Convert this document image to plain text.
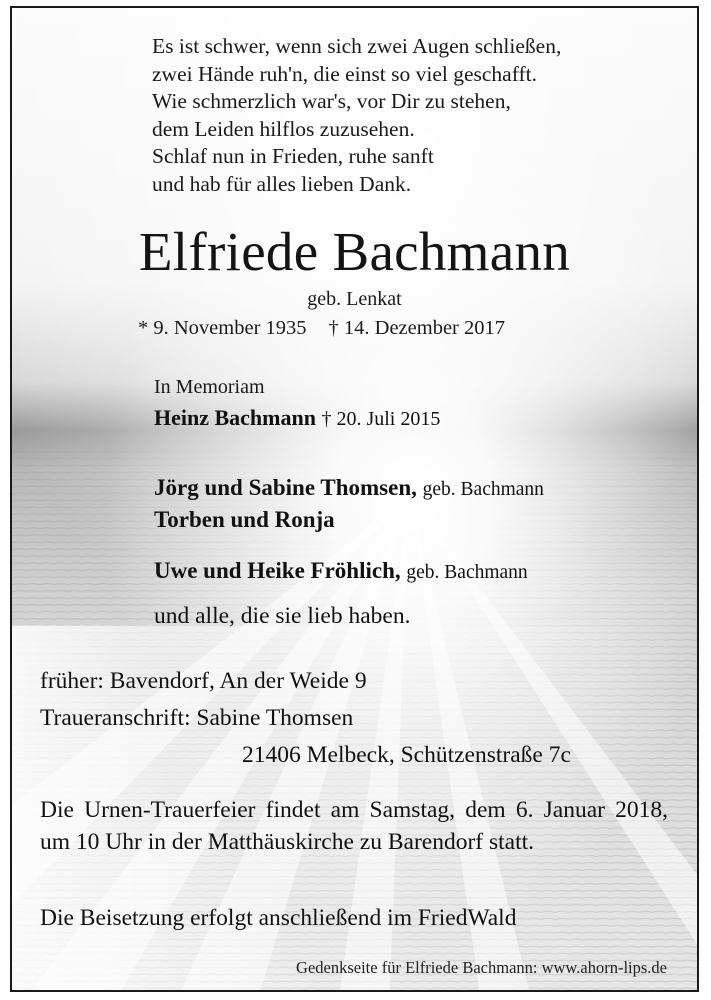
Es ist schwer, wenn sich zwei Augen schließen,
zwei Hände ruh'n, die einst so viel geschafft.
Wie schmerzlich war's, vor Dir zu stehen,
dem Leiden hilflos zuzusehen.
Schlaf nun in Frieden, ruhe sanft
und hab für alles lieben Dank.
Elfriede Bachmann
geb. Lenkat
* 9. November 1935 † 14. Dezember 2017
In Memoriam
Heinz Bachmann † 20. Juli 2015
Jörg und Sabine Thomsen, geb. Bachmann
Torben und Ronja
Uwe und Heike Fröhlich, geb. Bachmann
und alle, die sie lieb haben.
früher: Bavendorf, An der Weide 9
Traueranschrift: Sabine Thomsen
21406 Melbeck, Schützenstraße 7c
Die Urnen-Trauerfeier findet am Samstag, dem 6. Januar 2018, um 10 Uhr in der Matthäuskirche zu Barendorf statt.
Die Beisetzung erfolgt anschließend im FriedWald
Gedenkseite für Elfriede Bachmann: www.ahorn-lips.de
